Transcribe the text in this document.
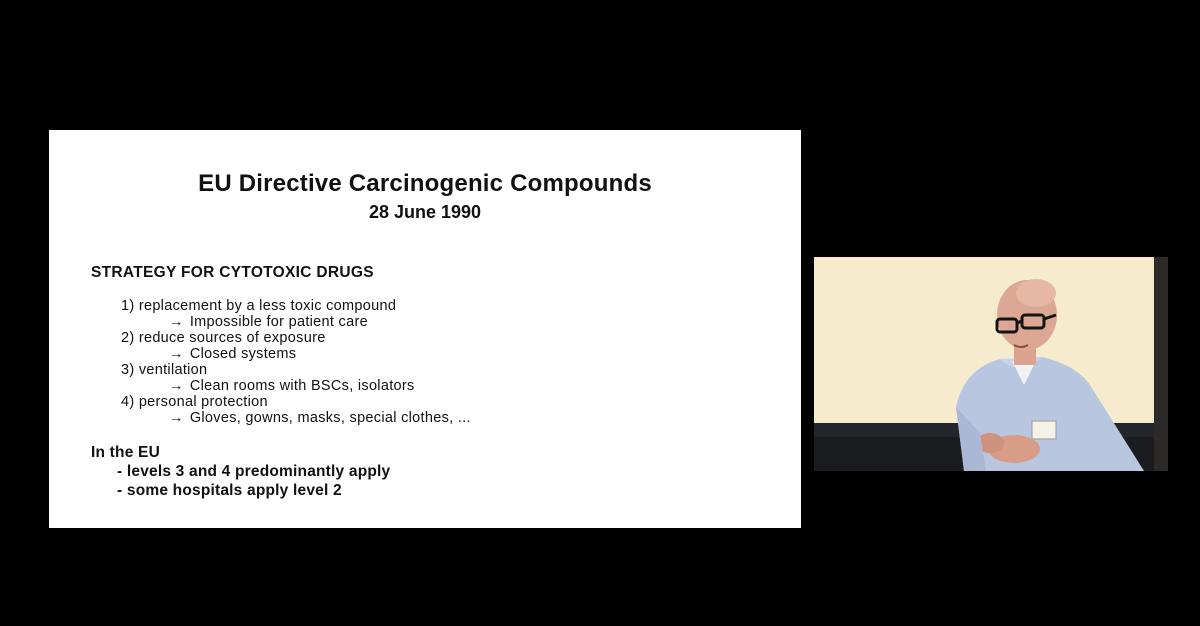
EU Directive Carcinogenic Compounds
28 June 1990
STRATEGY FOR CYTOTOXIC DRUGS
1) replacement by a less toxic compound
→ Impossible for patient care
2) reduce sources of exposure
→ Closed systems
3) ventilation
→ Clean rooms with BSCs, isolators
4) personal protection
→ Gloves, gowns, masks, special clothes, ...
In the EU
- levels 3 and 4 predominantly apply
- some hospitals apply level 2
